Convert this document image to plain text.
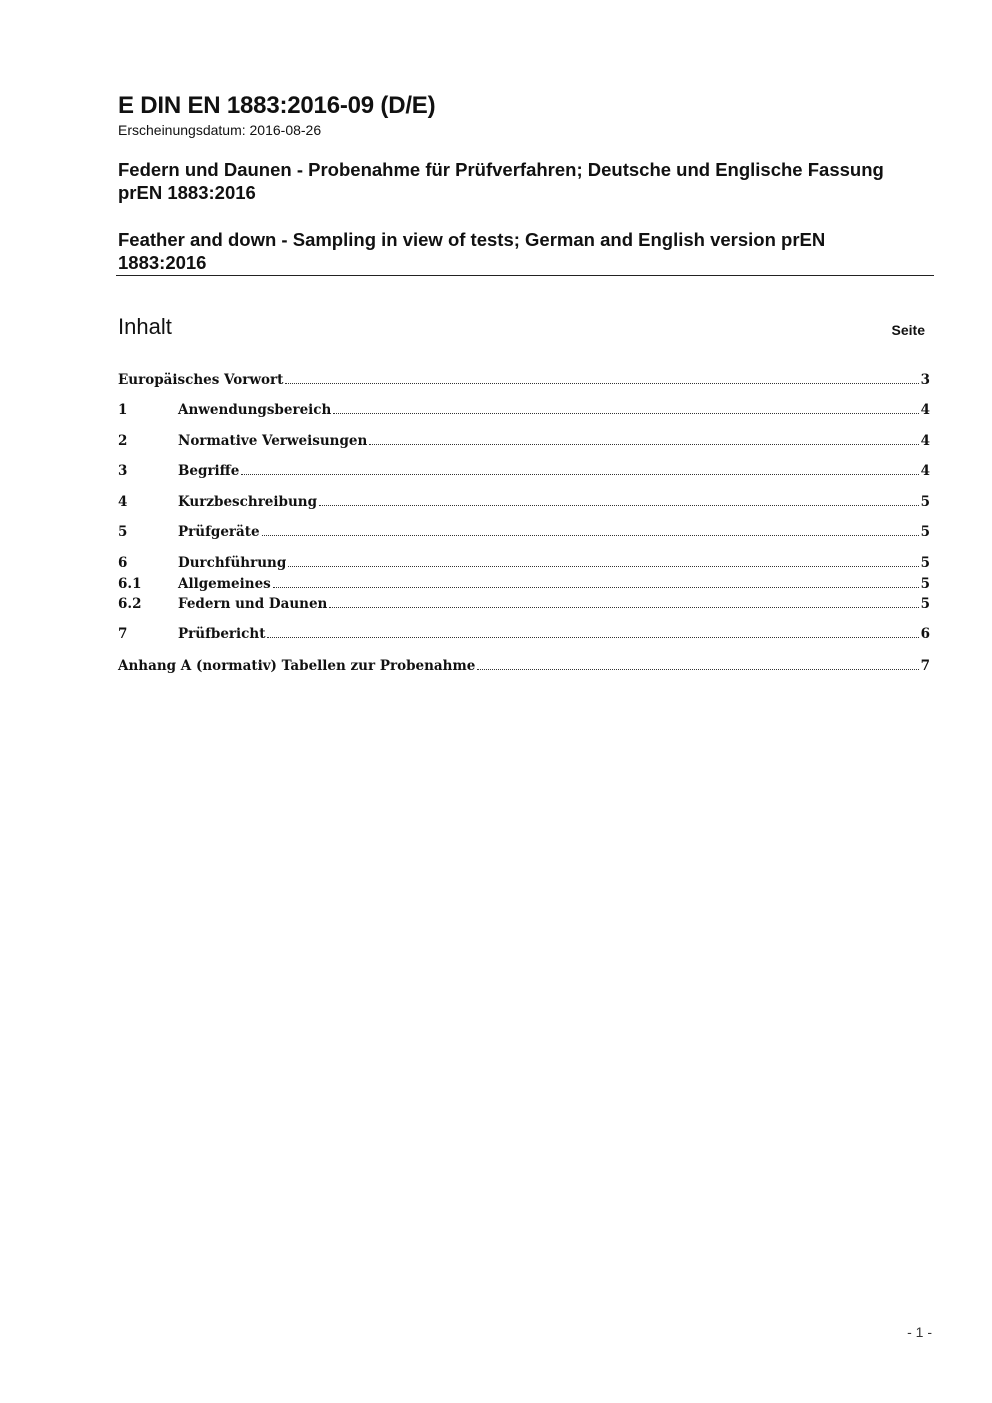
E DIN EN 1883:2016-09 (D/E)
Erscheinungsdatum: 2016-08-26
Federn und Daunen - Probenahme für Prüfverfahren; Deutsche und Englische Fassung prEN 1883:2016
Feather and down - Sampling in view of tests; German and English version prEN 1883:2016
Inhalt	Seite
Europäisches Vorwort	3
1	Anwendungsbereich	4
2	Normative Verweisungen	4
3	Begriffe	4
4	Kurzbeschreibung	5
5	Prüfgeräte	5
6	Durchführung	5
6.1	Allgemeines	5
6.2	Federn und Daunen	5
7	Prüfbericht	6
Anhang A (normativ) Tabellen zur Probenahme	7
- 1 -
